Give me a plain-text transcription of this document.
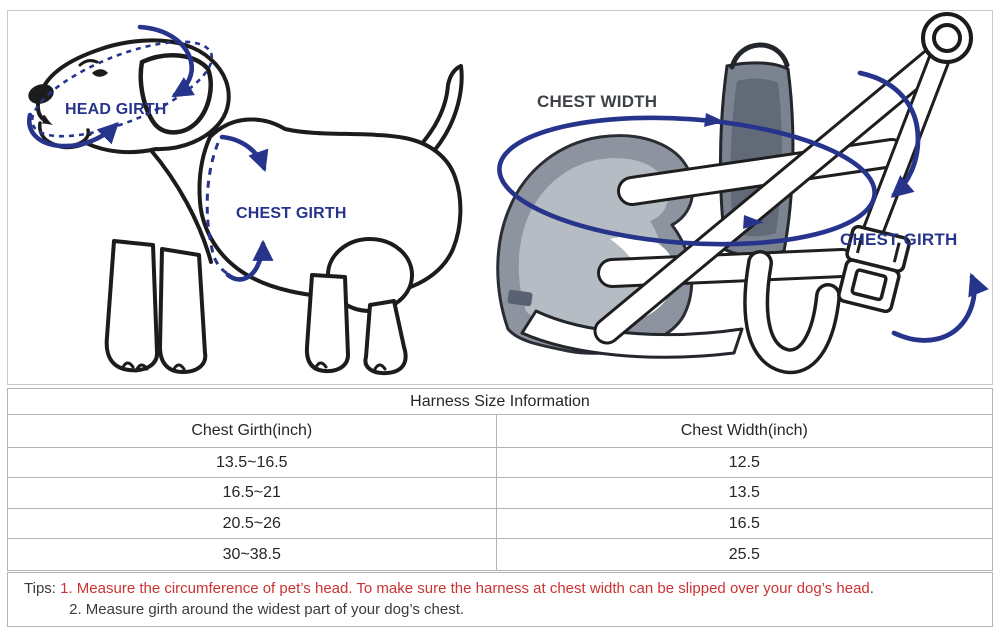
HEAD GIRTH
CHEST GIRTH
CHEST WIDTH
CHEST GIRTH
Harness Size Information	
Chest Girth(inch)	Chest Width(inch)
13.5~16.5	12.5
16.5~21	13.5
20.5~26	16.5
30~38.5	25.5
Tips: 1. Measure the circumference of pet’s head. To make sure the harness at chest width can be slipped over your dog’s head.
2. Measure girth around the widest part of your dog’s chest.
